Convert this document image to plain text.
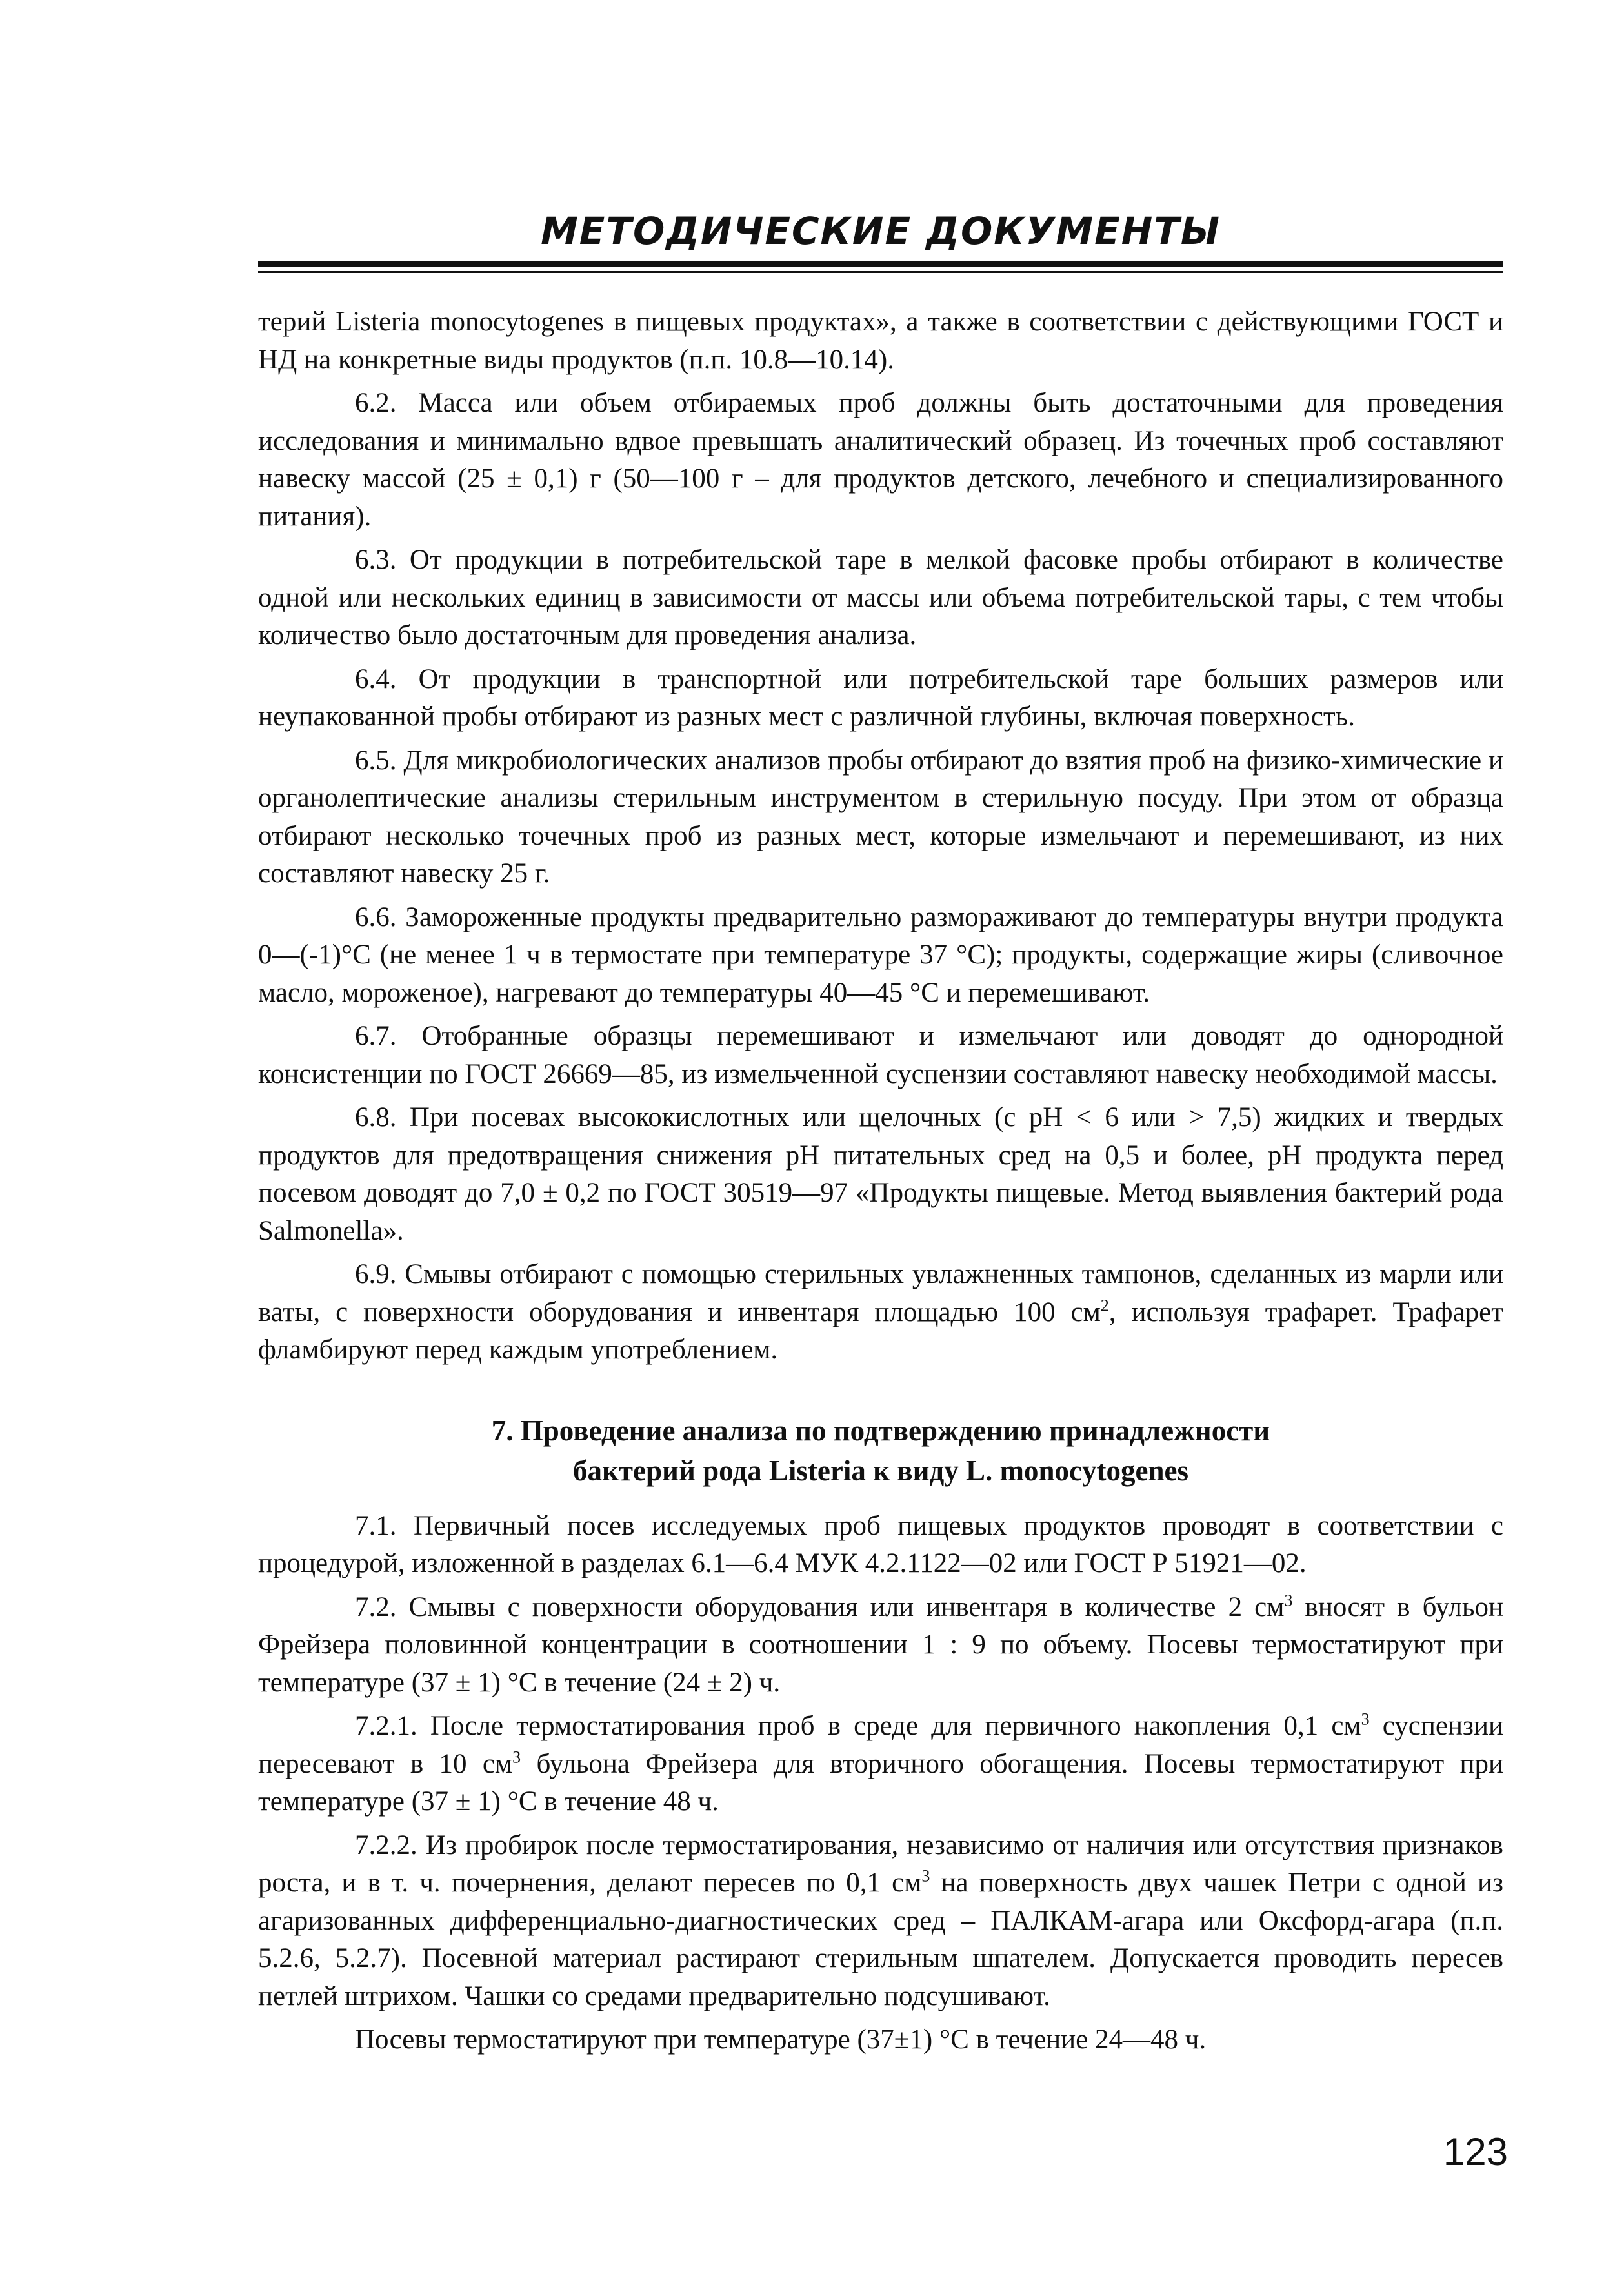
МЕТОДИЧЕСКИЕ ДОКУМЕНТЫ

терий Listeria monocytogenes в пищевых продуктах», а также в соответствии с действующими ГОСТ и НД на конкретные виды продуктов (п.п. 10.8—10.14).

6.2. Масса или объем отбираемых проб должны быть достаточными для проведения исследования и минимально вдвое превышать аналитический образец. Из точечных проб составляют навеску массой (25 ± 0,1) г (50—100 г – для продуктов детского, лечебного и специализированного питания).

6.3. От продукции в потребительской таре в мелкой фасовке пробы отбирают в количестве одной или нескольких единиц в зависимости от массы или объема потребительской тары, с тем чтобы количество было достаточным для проведения анализа.

6.4. От продукции в транспортной или потребительской таре больших размеров или неупакованной пробы отбирают из разных мест с различной глубины, включая поверхность.

6.5. Для микробиологических анализов пробы отбирают до взятия проб на физико-химические и органолептические анализы стерильным инструментом в стерильную посуду. При этом от образца отбирают несколько точечных проб из разных мест, которые измельчают и перемешивают, из них составляют навеску 25 г.

6.6. Замороженные продукты предварительно размораживают до температуры внутри продукта 0—(-1)°С (не менее 1 ч в термостате при температуре 37 °С); продукты, содержащие жиры (сливочное масло, мороженое), нагревают до температуры 40—45 °С и перемешивают.

6.7. Отобранные образцы перемешивают и измельчают или доводят до однородной консистенции по ГОСТ 26669—85, из измельченной суспензии составляют навеску необходимой массы.

6.8. При посевах высококислотных или щелочных (с рН < 6 или > 7,5) жидких и твердых продуктов для предотвращения снижения рН питательных сред на 0,5 и более, рН продукта перед посевом доводят до 7,0 ± 0,2 по ГОСТ 30519—97 «Продукты пищевые. Метод выявления бактерий рода Salmonella».

6.9. Смывы отбирают с помощью стерильных увлажненных тампонов, сделанных из марли или ваты, с поверхности оборудования и инвентаря площадью 100 $см^2$, используя трафарет. Трафарет фламбируют перед каждым употреблением.

7. Проведение анализа по подтверждению принадлежности
бактерий рода Listeria к виду L. monocytogenes

7.1. Первичный посев исследуемых проб пищевых продуктов проводят в соответствии с процедурой, изложенной в разделах 6.1—6.4 МУК 4.2.1122—02 или ГОСТ Р 51921—02.

7.2. Смывы с поверхности оборудования или инвентаря в количестве 2 $см^3$ вносят в бульон Фрейзера половинной концентрации в соотношении 1 : 9 по объему. Посевы термостатируют при температуре (37 ± 1) °С в течение (24 ± 2) ч.

7.2.1. После термостатирования проб в среде для первичного накопления 0,1 $см^3$ суспензии пересевают в 10 $см^3$ бульона Фрейзера для вторичного обогащения. Посевы термостатируют при температуре (37 ± 1) °С в течение 48 ч.

7.2.2. Из пробирок после термостатирования, независимо от наличия или отсутствия признаков роста, и в т. ч. почернения, делают пересев по 0,1 $см^3$ на поверхность двух чашек Петри с одной из агаризованных дифференциально-диагностических сред – ПАЛКАМ-агара или Оксфорд-агара (п.п. 5.2.6, 5.2.7). Посевной материал растирают стерильным шпателем. Допускается проводить пересев петлей штрихом. Чашки со средами предварительно подсушивают.

Посевы термостатируют при температуре (37±1) °С в течение 24—48 ч.

123
